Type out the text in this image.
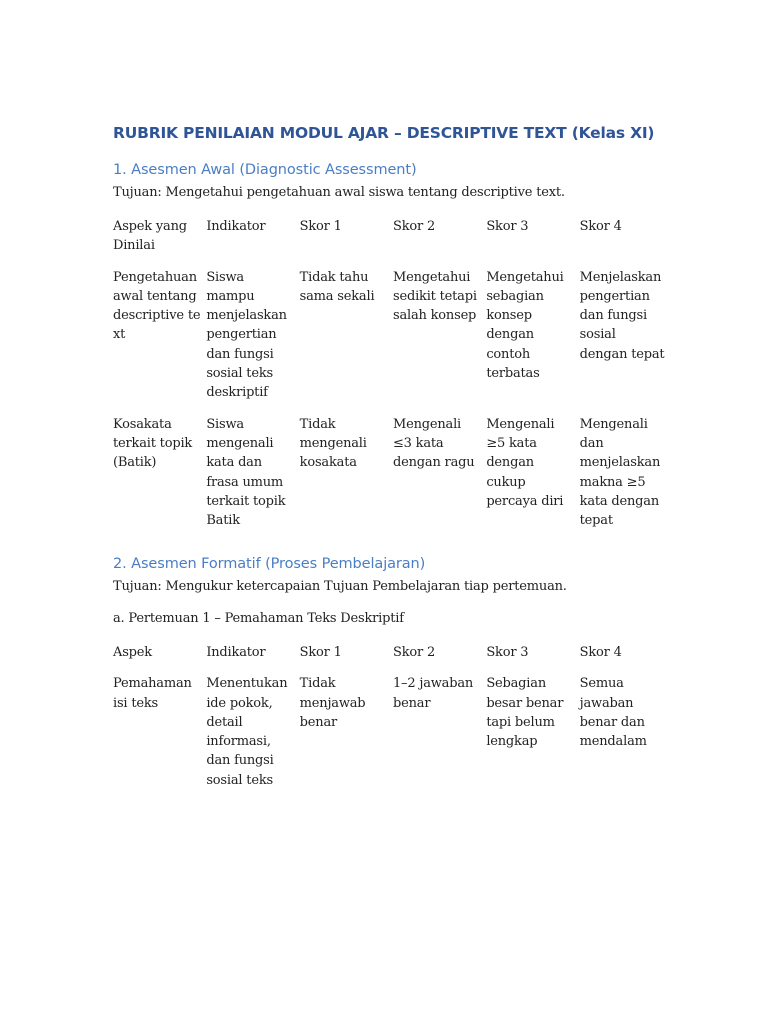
RUBRIK PENILAIAN MODUL AJAR – DESCRIPTIVE TEXT (Kelas XI)
1. Asesmen Awal (Diagnostic Assessment)

Tujuan: Mengetahui pengetahuan awal siswa tentang descriptive text.

Aspek yang Dinilai	Indikator	Skor 1	Skor 2	Skor 3	Skor 4
Pengetahuan awal tentang descriptive text	Siswa mampu menjelaskan pengertian dan fungsi sosial teks deskriptif	Tidak tahu sama sekali	Mengetahui sedikit tetapi salah konsep	Mengetahui sebagian konsep dengan contoh terbatas	Menjelaskan pengertian dan fungsi sosial dengan tepat
Kosakata terkait topik (Batik)	Siswa mengenali kata dan frasa umum terkait topik Batik	Tidak mengenali kosakata	Mengenali ≤3 kata dengan ragu	Mengenali ≥5 kata dengan cukup percaya diri	Mengenali dan menjelaskan makna ≥5 kata dengan tepat
2. Asesmen Formatif (Proses Pembelajaran)

Tujuan: Mengukur ketercapaian Tujuan Pembelajaran tiap pertemuan.

a. Pertemuan 1 – Pemahaman Teks Deskriptif

Aspek	Indikator	Skor 1	Skor 2	Skor 3	Skor 4
Pemahaman isi teks	Menentukan ide pokok, detail informasi, dan fungsi sosial teks	Tidak menjawab benar	1–2 jawaban benar	Sebagian besar benar tapi belum lengkap	Semua jawaban benar dan mendalam
